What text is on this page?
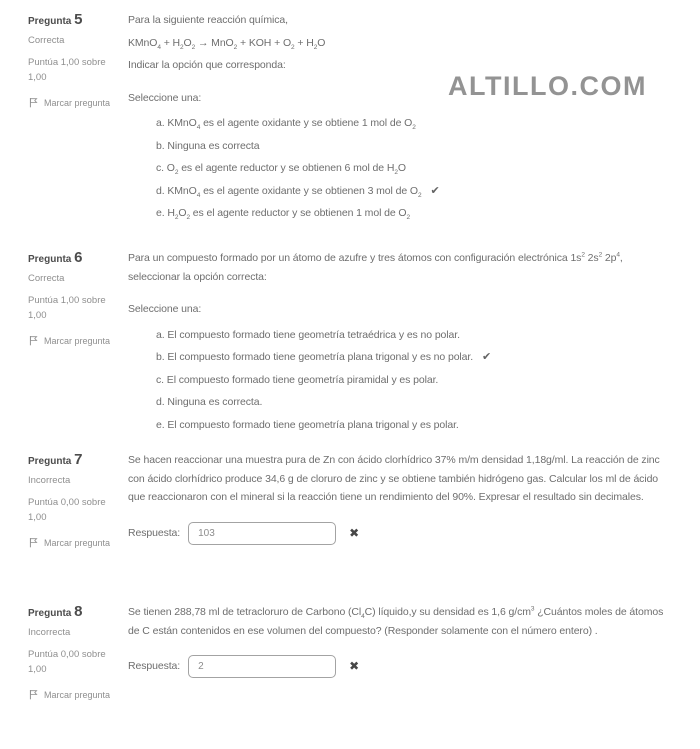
ALTILLO.COM
Pregunta 5
Correcta
Puntúa 1,00 sobre 1,00
Marcar pregunta

Para la siguiente reacción química,

KMnO$_4$ + $H_2O_2 \to MnO_2$ + KOH + $O_2 + H_2O$

Indicar la opción que corresponda:

Seleccione una:
a. KMnO$_4$ es el agente oxidante y se obtiene 1 mol de $O_2$
b. Ninguna es correcta
c. $O_2$ es el agente reductor y se obtienen 6 mol de $H_2O$
d. KMnO$_4$ es el agente oxidante y se obtienen 3 mol de $O_2$ ✔
e. $H_2O_2$ es el agente reductor y se obtienen 1 mol de $O_2$
Pregunta 6
Correcta
Puntúa 1,00 sobre 1,00
Marcar pregunta

Para un compuesto formado por un átomo de azufre y tres átomos con configuración electrónica $1s^2$ $2s^2$ $2p^4$, seleccionar la opción correcta:

Seleccione una:
a. El compuesto formado tiene geometría tetraédrica y es no polar.
b. El compuesto formado tiene geometría plana trigonal y es no polar. ✔
c. El compuesto formado tiene geometría piramidal y es polar.
d. Ninguna es correcta.
e. El compuesto formado tiene geometría plana trigonal y es polar.
Pregunta 7
Incorrecta
Puntúa 0,00 sobre 1,00
Marcar pregunta

Se hacen reaccionar una muestra pura de Zn con ácido clorhídrico 37% m/m densidad 1,18g/ml. La reacción de zinc con ácido clorhídrico produce 34,6 g de cloruro de zinc y se obtiene también hidrógeno gas. Calcular los ml de ácido que reaccionaron con el mineral si la reacción tiene un rendimiento del 90%. Expresar el resultado sin decimales.

Respuesta:
103	✖
Pregunta 8
Incorrecta
Puntúa 0,00 sobre 1,00
Marcar pregunta

Se tienen 288,78 ml de tetracloruro de Carbono $(Cl_4C)$ líquido,y su densidad es 1,6 $g/cm^3$ ¿Cuántos moles de átomos de C están contenidos en ese volumen del compuesto? (Responder solamente con el número entero) .

Respuesta:
2	✖
